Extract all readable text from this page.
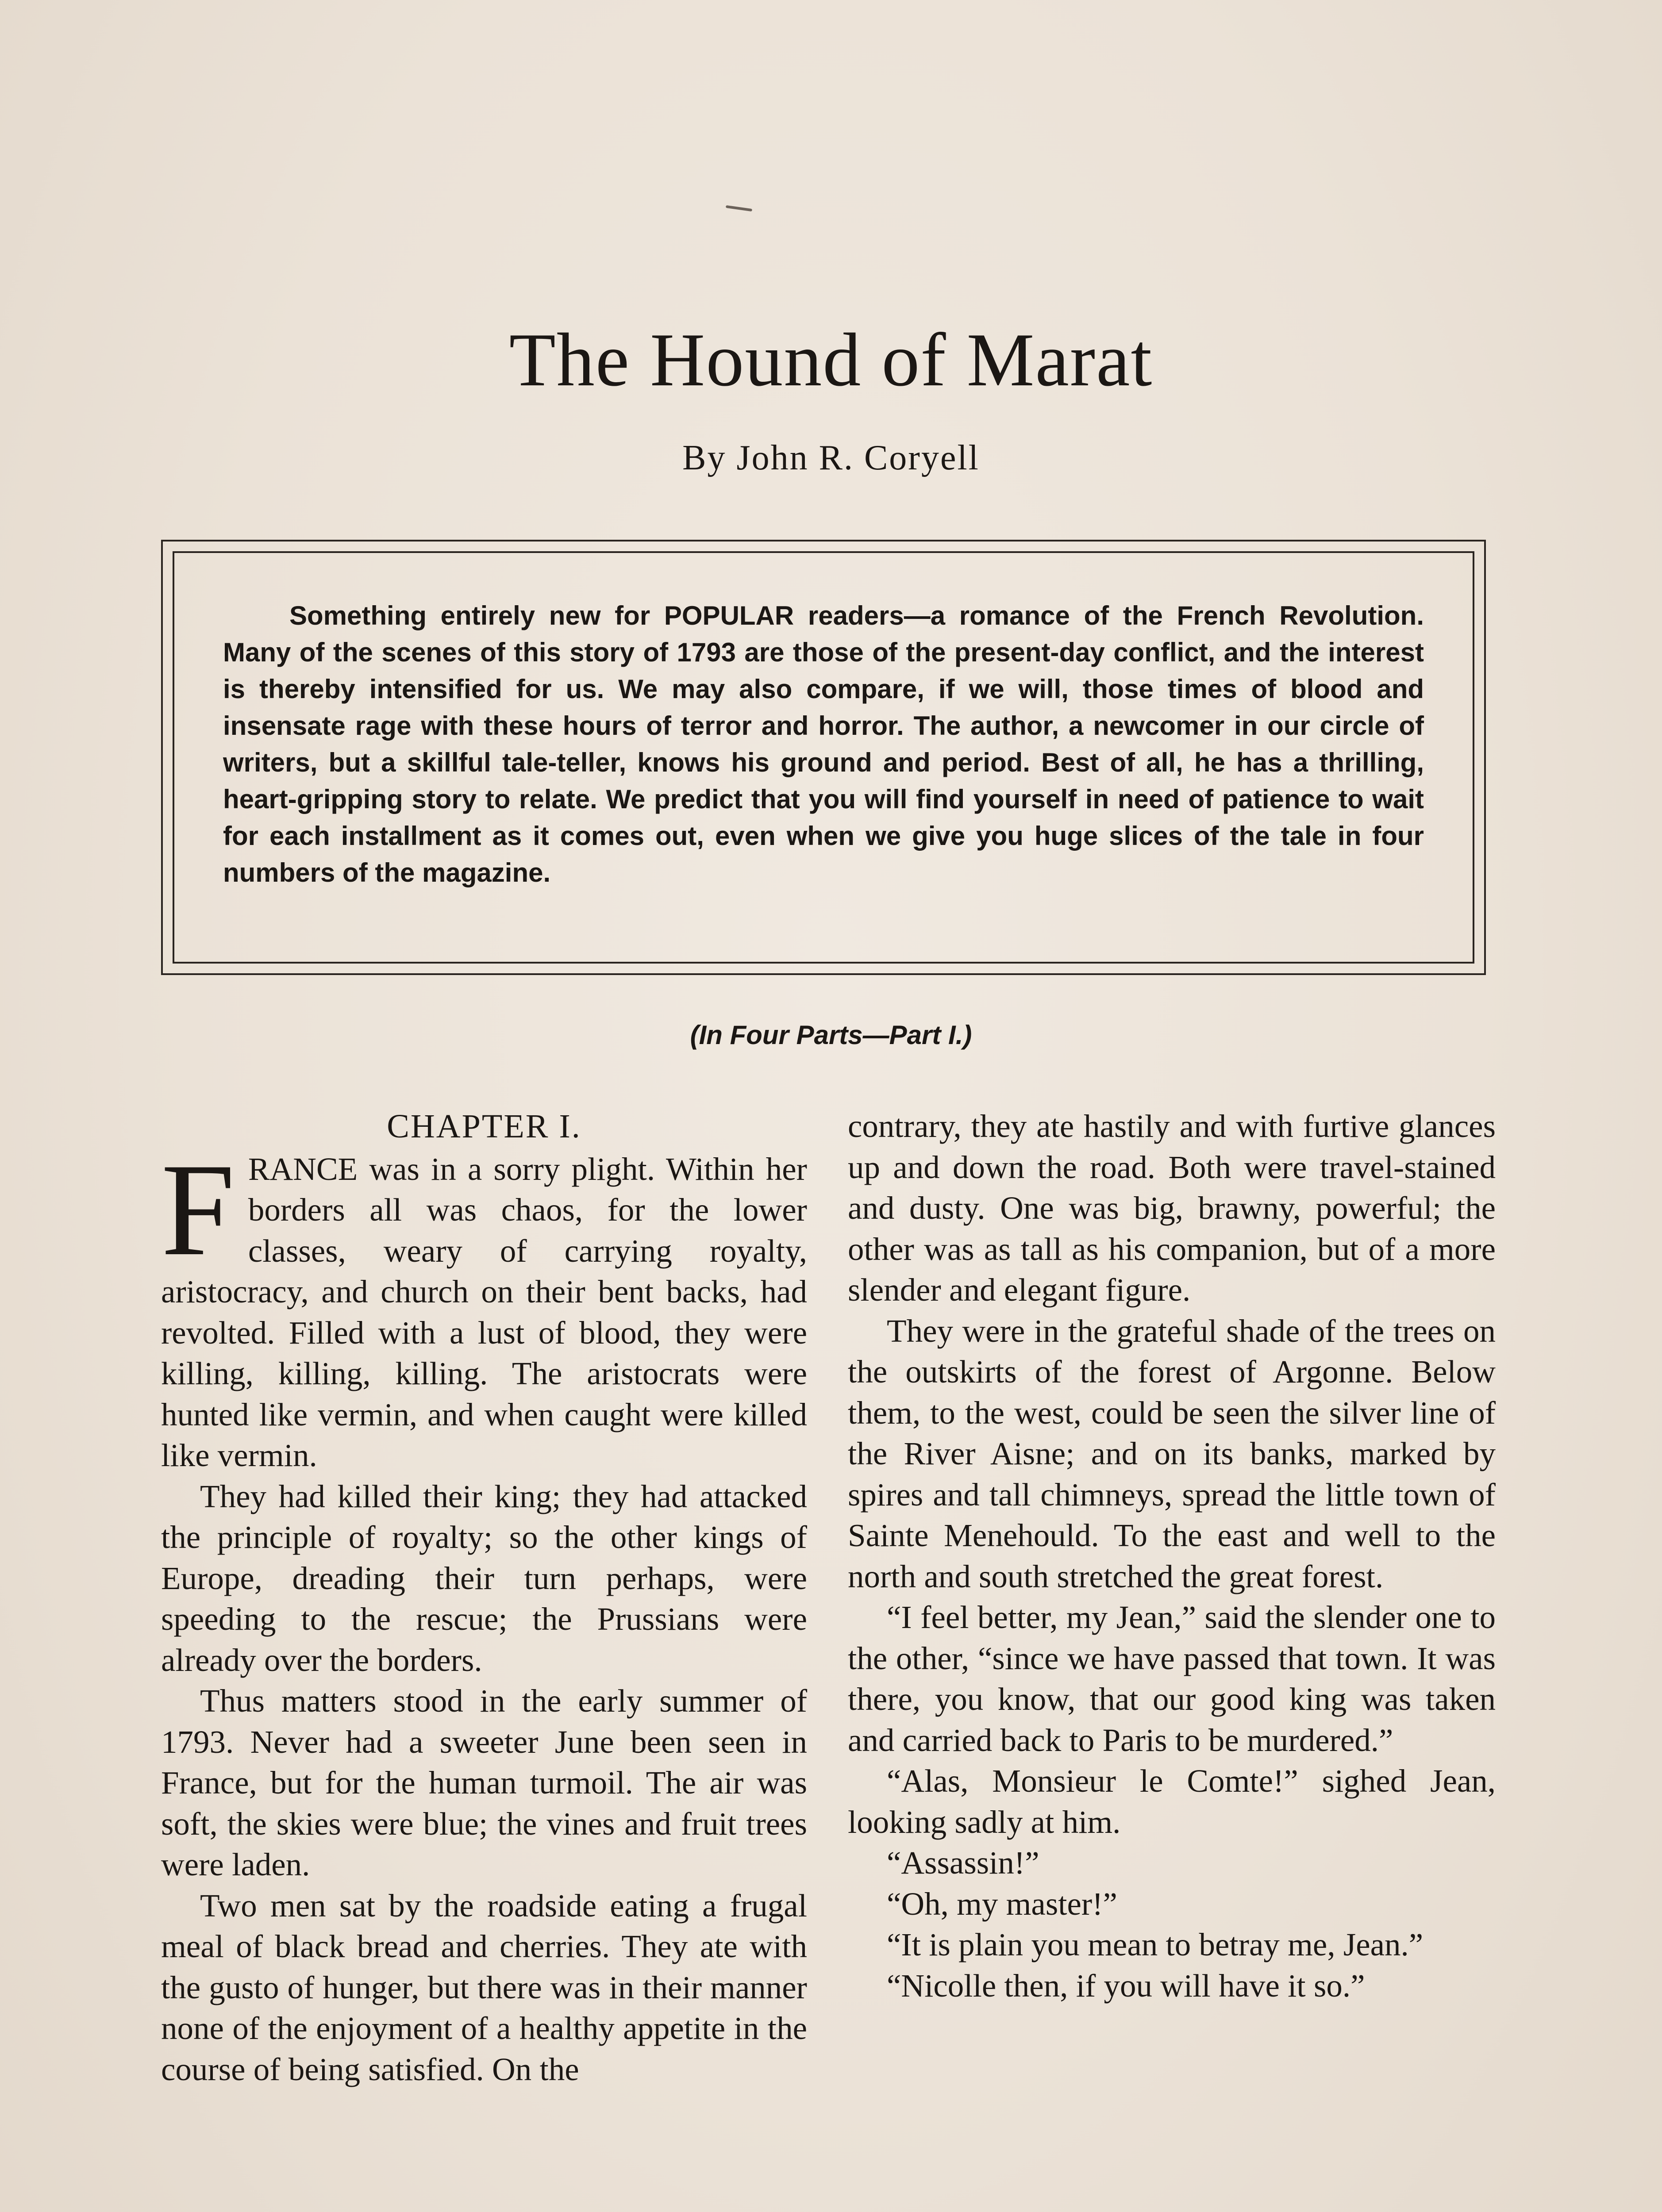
The Hound of Marat
By John R. Coryell

Something entirely new for POPULAR readers—a romance of the French Revolution. Many of the scenes of this story of 1793 are those of the present-day conflict, and the interest is thereby intensified for us. We may also compare, if we will, those times of blood and insensate rage with these hours of terror and horror. The author, a newcomer in our circle of writers, but a skillful tale-teller, knows his ground and period. Best of all, he has a thrilling, heart-gripping story to relate. We predict that you will find yourself in need of patience to wait for each installment as it comes out, even when we give you huge slices of the tale in four numbers of the magazine.

(In Four Parts—Part I.)
CHAPTER I.

FRANCE was in a sorry plight. Within her borders all was chaos, for the lower classes, weary of carrying royalty, aristocracy, and church on their bent backs, had revolted. Filled with a lust of blood, they were killing, killing, killing. The aristocrats were hunted like vermin, and when caught were killed like vermin.

They had killed their king; they had attacked the principle of royalty; so the other kings of Europe, dreading their turn perhaps, were speeding to the rescue; the Prussians were already over the borders.

Thus matters stood in the early summer of 1793. Never had a sweeter June been seen in France, but for the human turmoil. The air was soft, the skies were blue; the vines and fruit trees were laden.

Two men sat by the roadside eating a frugal meal of black bread and cherries. They ate with the gusto of hunger, but there was in their manner none of the enjoyment of a healthy appetite in the course of being satisfied. On the

contrary, they ate hastily and with furtive glances up and down the road. Both were travel-stained and dusty. One was big, brawny, powerful; the other was as tall as his companion, but of a more slender and elegant figure.

They were in the grateful shade of the trees on the outskirts of the forest of Argonne. Below them, to the west, could be seen the silver line of the River Aisne; and on its banks, marked by spires and tall chimneys, spread the little town of Sainte Menehould. To the east and well to the north and south stretched the great forest.

“I feel better, my Jean,” said the slender one to the other, “since we have passed that town. It was there, you know, that our good king was taken and carried back to Paris to be murdered.”

“Alas, Monsieur le Comte!” sighed Jean, looking sadly at him.

“Assassin!”

“Oh, my master!”

“It is plain you mean to betray me, Jean.”

“Nicolle then, if you will have it so.”
